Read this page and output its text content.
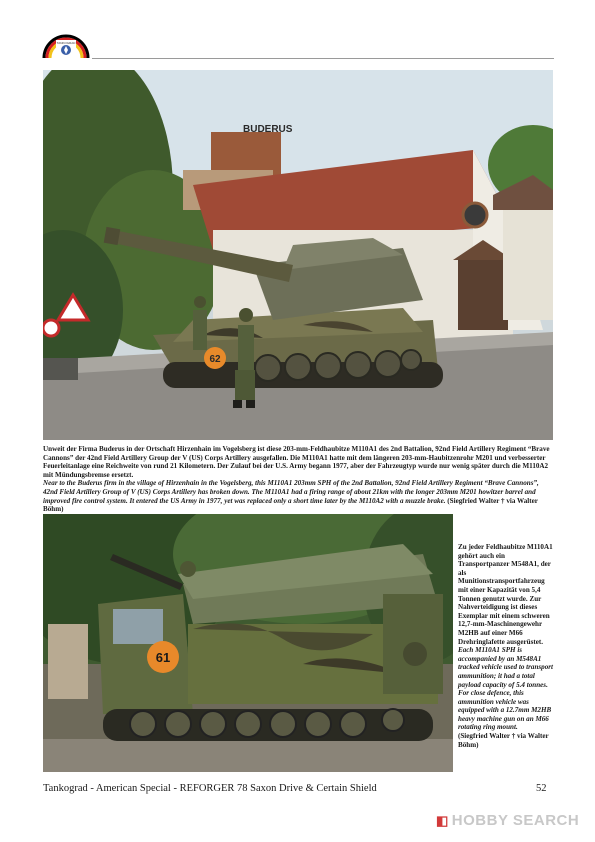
TANKOGRAD
BUDERUS
62

Unweit der Firma Buderus in der Ortschaft Hirzenhain im Vogelsberg ist diese 203-mm-Feldhaubitze M110A1 des 2nd Battalion, 92nd Field Artillery Regiment “Brave Cannons” der 42nd Field Artillery Group der V (US) Corps Artillery ausgefallen. Die M110A1 hatte mit dem längeren 203-mm-Haubitzenrohr M201 und verbesserter Feuerleitanlage eine Reichweite von rund 21 Kilometern. Der Zulauf bei der U.S. Army begann 1977, aber der Fahrzeugtyp wurde nur wenig später durch die M110A2 mit Mündungsbremse ersetzt.

Near to the Buderus firm in the village of Hirzenhain in the Vogelsberg, this M110A1 203mm SPH of the 2nd Battalion, 92nd Field Artillery Regiment “Brave Cannons”, 42nd Field Artillery Group of V (US) Corps Artillery has broken down. The M110A1 had a firing range of about 21km with the longer 203mm M201 howitzer barrel and improved fire control system. It entered the US Army in 1977, yet was replaced only a short time later by the M110A2 with a muzzle brake. (Siegfried Walter † via Walter Böhm)

61

Zu jeder Feldhaubitze M110A1 gehört auch ein Transportpanzer M548A1, der als Munitionstransportfahrzeug mit einer Kapazität von 5,4 Tonnen genutzt wurde. Zur Nahverteidigung ist dieses Exemplar mit einem schweren 12,7-mm-Maschinengewehr M2HB auf einer M66 Drehringlafette ausgerüstet.

Each M110A1 SPH is accompanied by an M548A1 tracked vehicle used to transport ammunition; it had a total payload capacity of 5.4 tonnes. For close defence, this ammunition vehicle was equipped with a 12.7mm M2HB heavy machine gun on an M66 rotating ring mount.

(Siegfried Walter † via Walter Böhm)

Tankograd - American Special - REFORGER 78 Saxon Drive & Certain Shield	52
◧ HOBBY SEARCH
